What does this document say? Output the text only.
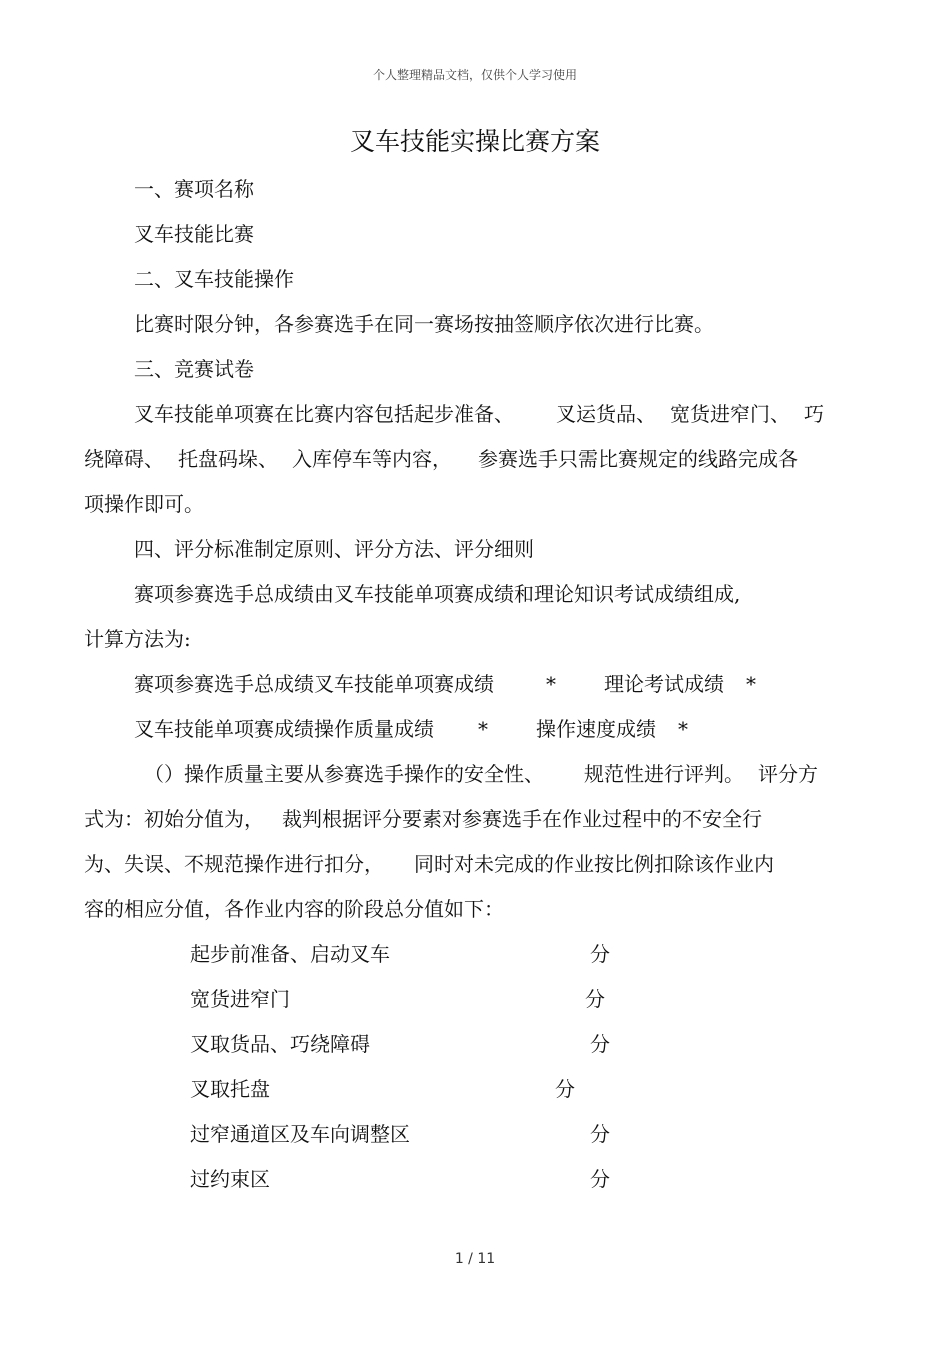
个人整理精品文档，仅供个人学习使用
叉车技能实操比赛方案
一、赛项名称
叉车技能比赛
二、叉车技能操作
比赛时限分钟，各参赛选手在同一赛场按抽签顺序依次进行比赛。
三、竞赛试卷
叉车技能单项赛在比赛内容包括起步准备、 叉运货品、 宽货进窄门、 巧
绕障碍、 托盘码垛、 入库停车等内容， 参赛选手只需比赛规定的线路完成各
项操作即可。
四、评分标准制定原则、评分方法、评分细则
赛项参赛选手总成绩由叉车技能单项赛成绩和理论知识考试成绩组成,
计算方法为:
赛项参赛选手总成绩叉车技能单项赛成绩	* 理论考试成绩 *
叉车技能单项赛成绩操作质量成绩 * 操作速度成绩 *
（）操作质量主要从参赛选手操作的安全性、 规范性进行评判。 评分方
式为：初始分值为， 裁判根据评分要素对参赛选手在作业过程中的不安全行
为、失误、不规范操作进行扣分， 同时对未完成的作业按比例扣除该作业内
容的相应分值，各作业内容的阶段总分值如下：
起步前准备、启动叉车	分
宽货进窄门	分
叉取货品、巧绕障碍	分
叉取托盘	分
过窄通道区及车向调整区	分
过约束区	分
1 / 11
